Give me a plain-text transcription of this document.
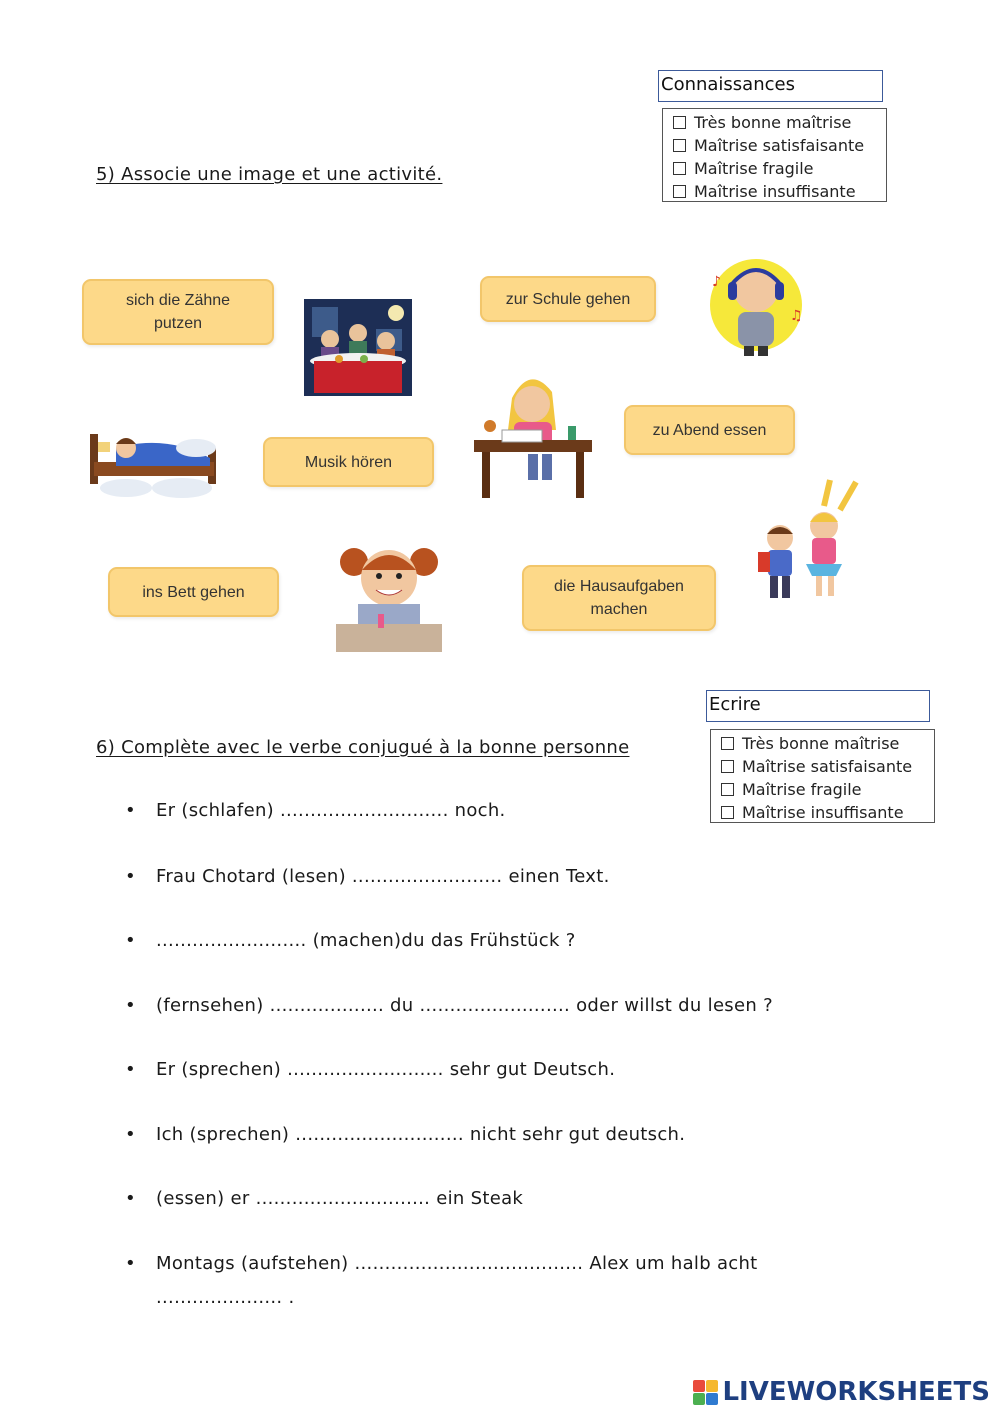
Connaissances
Très bonne maîtrise
Maîtrise satisfaisante
Maîtrise fragile
Maîtrise insuffisante
5) Associe une image et une activité.
sich die Zähne putzen
zur Schule gehen
Musik hören
zu Abend essen
ins Bett gehen	die Hausaufgaben machen
♪
♫
Ecrire
Très bonne maîtrise
Maîtrise satisfaisante
Maîtrise fragile
Maîtrise insuffisante
6) Complète avec le verbe conjugué à la bonne personne
• Er (schlafen) ............................ noch.
• Frau Chotard (lesen) ......................... einen Text.
• ......................... (machen)du das Frühstück ?
• (fernsehen) ................... du ......................... oder willst du lesen ?
• Er (sprechen) .......................... sehr gut Deutsch.
• Ich (sprechen) ............................ nicht sehr gut deutsch.
• (essen) er ............................. ein Steak
• Montags (aufstehen) ...................................... Alex um halb acht
..................... .
LIVEWORKSHEETS
